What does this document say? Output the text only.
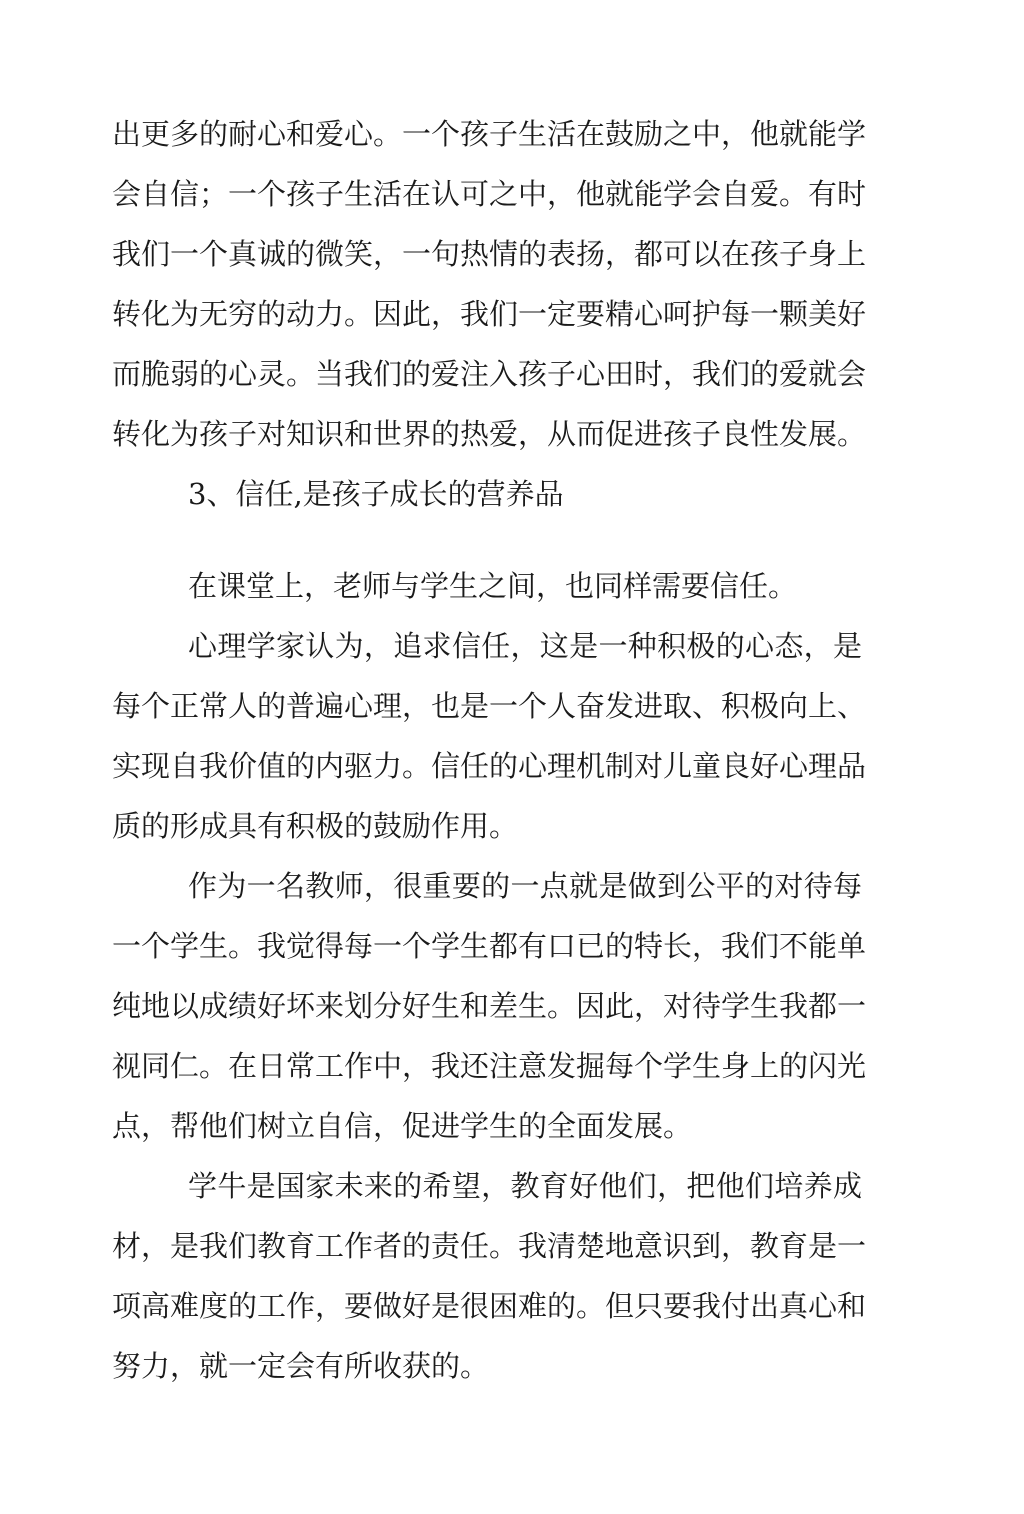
出更多的耐心和爱心。一个孩子生活在鼓励之中，他就能学
会自信；一个孩子生活在认可之中，他就能学会自爱。有时
我们一个真诚的微笑，一句热情的表扬，都可以在孩子身上
转化为无穷的动力。因此，我们一定要精心呵护每一颗美好
而脆弱的心灵。当我们的爱注入孩子心田时，我们的爱就会
转化为孩子对知识和世界的热爱，从而促进孩子良性发展。
3、信任,是孩子成长的营养品
在课堂上，老师与学生之间，也同样需要信任。
心理学家认为，追求信任，这是一种积极的心态，是
每个正常人的普遍心理，也是一个人奋发进取、积极向上、
实现自我价值的内驱力。信任的心理机制对儿童良好心理品
质的形成具有积极的鼓励作用。
作为一名教师，很重要的一点就是做到公平的对待每
一个学生。我觉得每一个学生都有口已的特长，我们不能单
纯地以成绩好坏来划分好生和差生。因此，对待学生我都一
视同仁。在日常工作中，我还注意发掘每个学生身上的闪光
点，帮他们树立自信，促进学生的全面发展。
学牛是国家未来的希望，教育好他们，把他们培养成
材，是我们教育工作者的责任。我清楚地意识到，教育是一
项高难度的工作，要做好是很困难的。但只要我付出真心和
努力，就一定会有所收获的。
